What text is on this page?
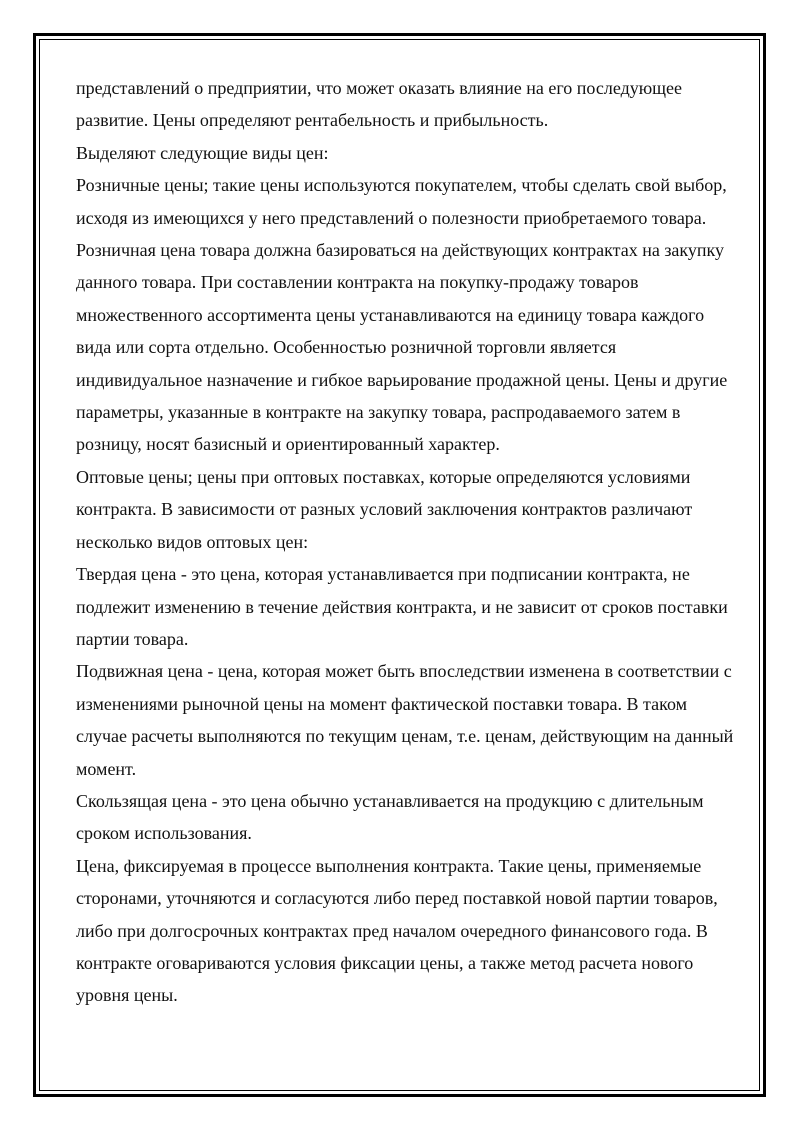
представлений о предприятии, что может оказать влияние на его последующее развитие. Цены определяют рентабельность и прибыльность.

Выделяют следующие виды цен:

Розничные цены; такие цены используются покупателем, чтобы сделать свой выбор, исходя из имеющихся у него представлений о полезности приобретаемого товара. Розничная цена товара должна базироваться на действующих контрактах на закупку данного товара. При составлении контракта на покупку-продажу товаров множественного ассортимента цены устанавливаются на единицу товара каждого вида или сорта отдельно. Особенностью розничной торговли является индивидуальное назначение и гибкое варьирование продажной цены. Цены и другие параметры, указанные в контракте на закупку товара, распродаваемого затем в розницу, носят базисный и ориентированный характер.

Оптовые цены; цены при оптовых поставках, которые определяются условиями контракта. В зависимости от разных условий заключения контрактов различают несколько видов оптовых цен:

Твердая цена - это цена, которая устанавливается при подписании контракта, не подлежит изменению в течение действия контракта, и не зависит от сроков поставки партии товара.

Подвижная цена - цена, которая может быть впоследствии изменена в соответствии с изменениями рыночной цены на момент фактической поставки товара. В таком случае расчеты выполняются по текущим ценам, т.е. ценам, действующим на данный момент.

Скользящая цена - это цена обычно устанавливается на продукцию с длительным сроком использования.

Цена, фиксируемая в процессе выполнения контракта. Такие цены, применяемые сторонами, уточняются и согласуются либо перед поставкой новой партии товаров, либо при долгосрочных контрактах пред началом очередного финансового года. В контракте оговариваются условия фиксации цены, а также метод расчета нового уровня цены.
